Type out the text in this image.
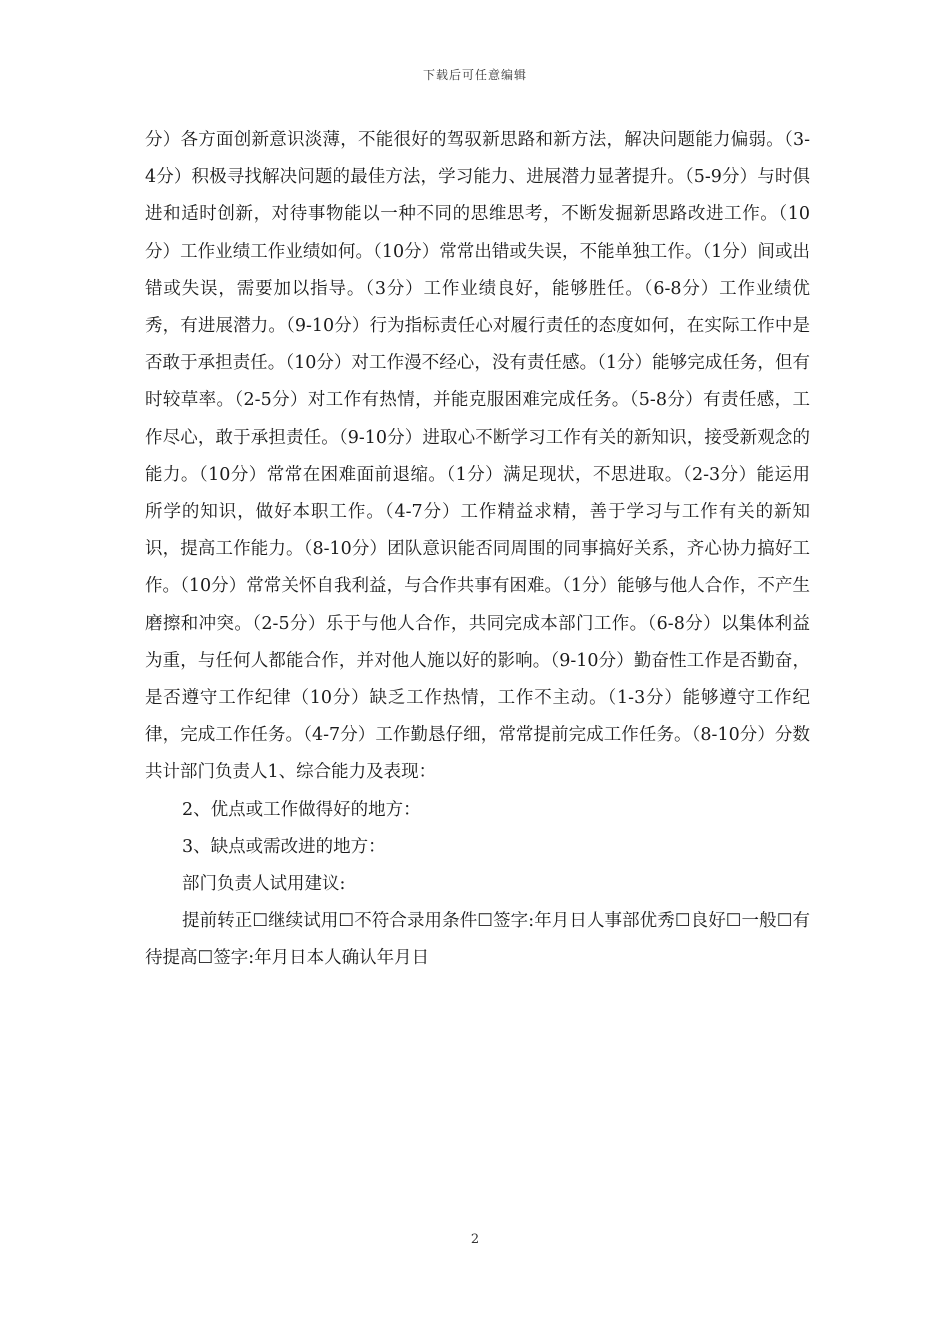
下载后可任意编辑

分）各方面创新意识淡薄，不能很好的驾驭新思路和新方法，解决问题能力偏弱。（3-4分）积极寻找解决问题的最佳方法，学习能力、进展潜力显著提升。（5-9分）与时俱进和适时创新，对待事物能以一种不同的思维思考，不断发掘新思路改进工作。（10分）工作业绩工作业绩如何。（10分）常常出错或失误，不能单独工作。（1分）间或出错或失误，需要加以指导。（3分）工作业绩良好，能够胜任。（6-8分）工作业绩优秀，有进展潜力。（9-10分）行为指标责任心对履行责任的态度如何，在实际工作中是否敢于承担责任。（10分）对工作漫不经心，没有责任感。（1分）能够完成任务，但有时较草率。（2-5分）对工作有热情，并能克服困难完成任务。（5-8分）有责任感，工作尽心，敢于承担责任。（9-10分）进取心不断学习工作有关的新知识，接受新观念的能力。（10分）常常在困难面前退缩。（1分）满足现状，不思进取。（2-3分）能运用所学的知识，做好本职工作。（4-7分）工作精益求精，善于学习与工作有关的新知识，提高工作能力。（8-10分）团队意识能否同周围的同事搞好关系，齐心协力搞好工作。（10分）常常关怀自我利益，与合作共事有困难。（1分）能够与他人合作，不产生磨擦和冲突。（2-5分）乐于与他人合作，共同完成本部门工作。（6-8分）以集体利益为重，与任何人都能合作，并对他人施以好的影响。（9-10分）勤奋性工作是否勤奋，是否遵守工作纪律（10分）缺乏工作热情，工作不主动。（1-3分）能够遵守工作纪律，完成工作任务。（4-7分）工作勤恳仔细，常常提前完成工作任务。（8-10分）分数共计部门负责人1、综合能力及表现：

2、优点或工作做得好的地方：

3、缺点或需改进的地方：

部门负责人试用建议:

提前转正☐继续试用☐不符合录用条件☐签字:年月日人事部优秀☐良好☐一般☐有待提高☐签字:年月日本人确认年月日

2
